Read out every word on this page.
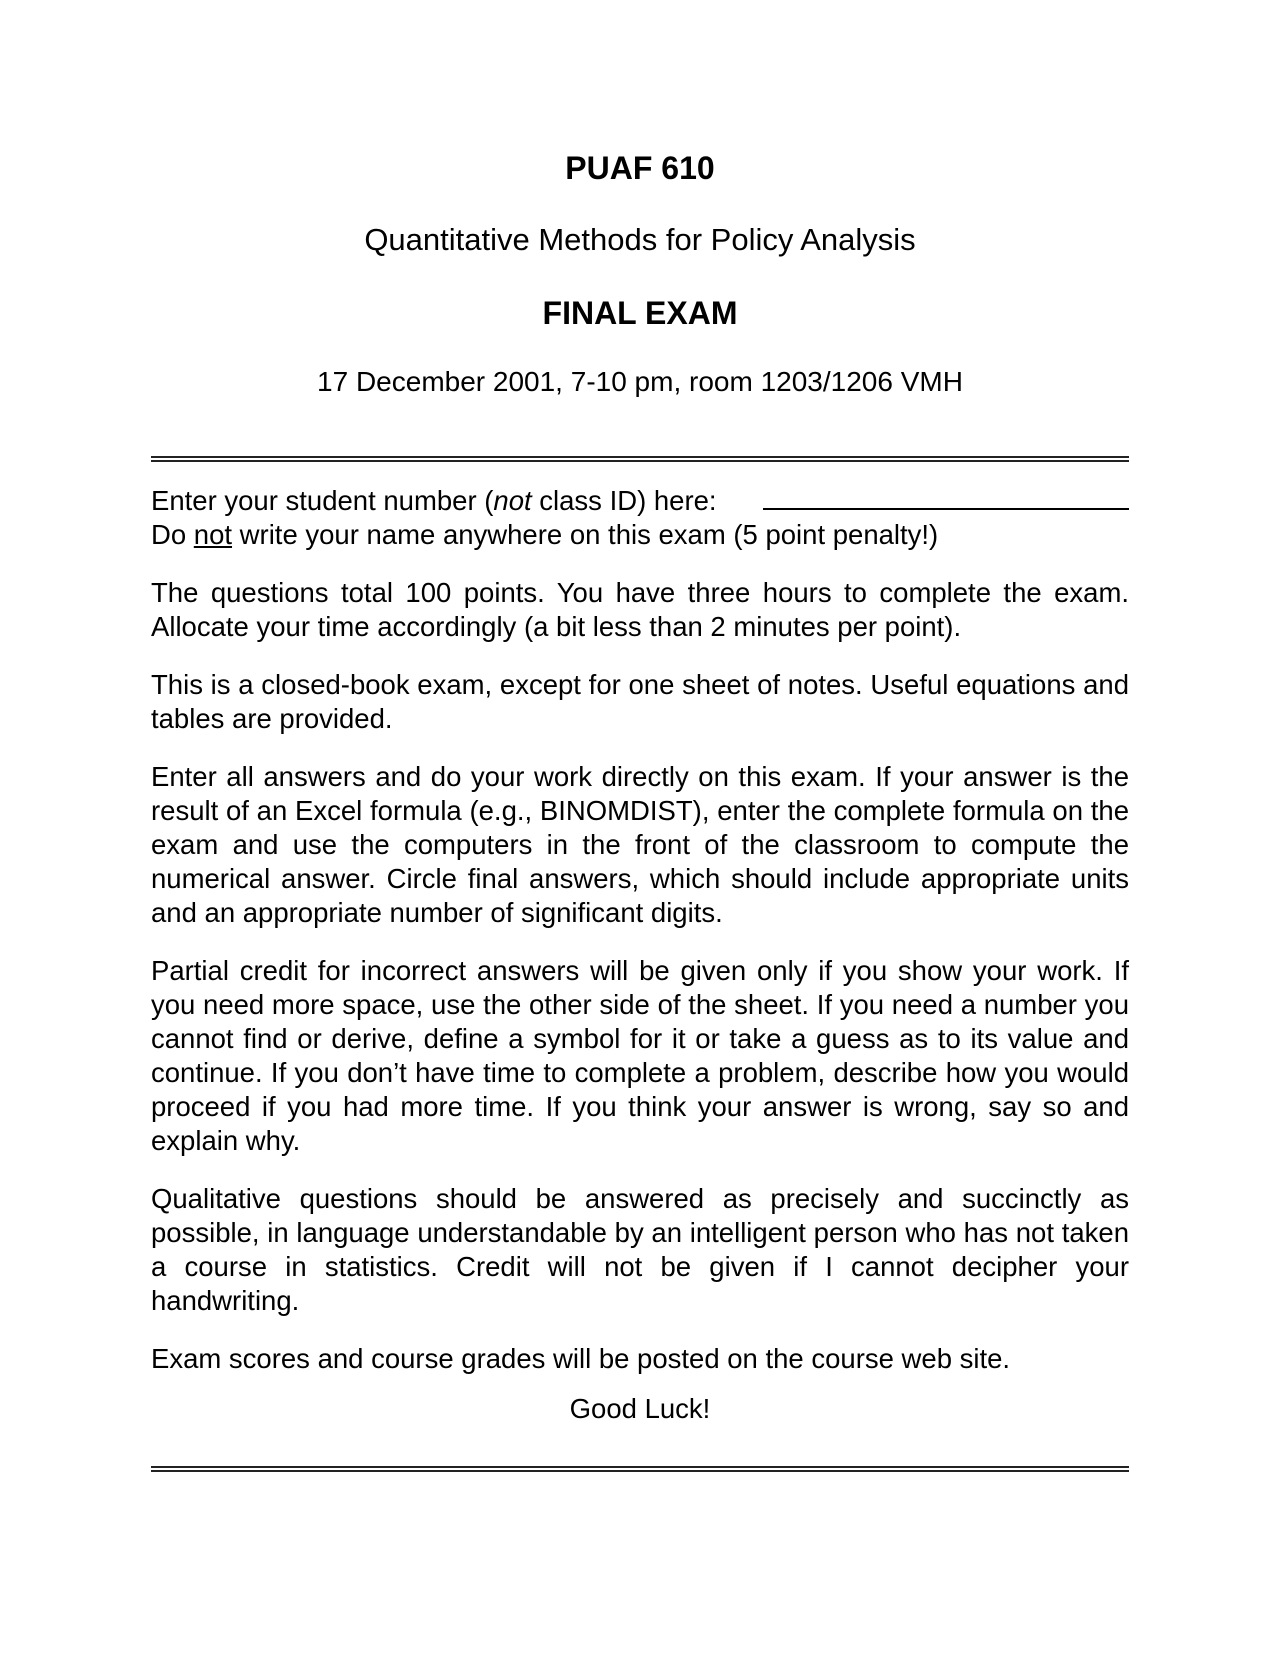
PUAF 610
Quantitative Methods for Policy Analysis
FINAL EXAM
17 December 2001, 7-10 pm, room 1203/1206 VMH

Enter your student number (not class ID) here:
Do not write your name anywhere on this exam (5 point penalty!)

The questions total 100 points. You have three hours to complete the exam. Allocate your time accordingly (a bit less than 2 minutes per point).

This is a closed-book exam, except for one sheet of notes. Useful equations and tables are provided.

Enter all answers and do your work directly on this exam. If your answer is the result of an Excel formula (e.g., BINOMDIST), enter the complete formula on the exam and use the computers in the front of the classroom to compute the numerical answer. Circle final answers, which should include appropriate units and an appropriate number of significant digits.

Partial credit for incorrect answers will be given only if you show your work. If you need more space, use the other side of the sheet. If you need a number you cannot find or derive, define a symbol for it or take a guess as to its value and continue. If you don’t have time to complete a problem, describe how you would proceed if you had more time. If you think your answer is wrong, say so and explain why.

Qualitative questions should be answered as precisely and succinctly as possible, in language understandable by an intelligent person who has not taken a course in statistics. Credit will not be given if I cannot decipher your handwriting.

Exam scores and course grades will be posted on the course web site.

Good Luck!
